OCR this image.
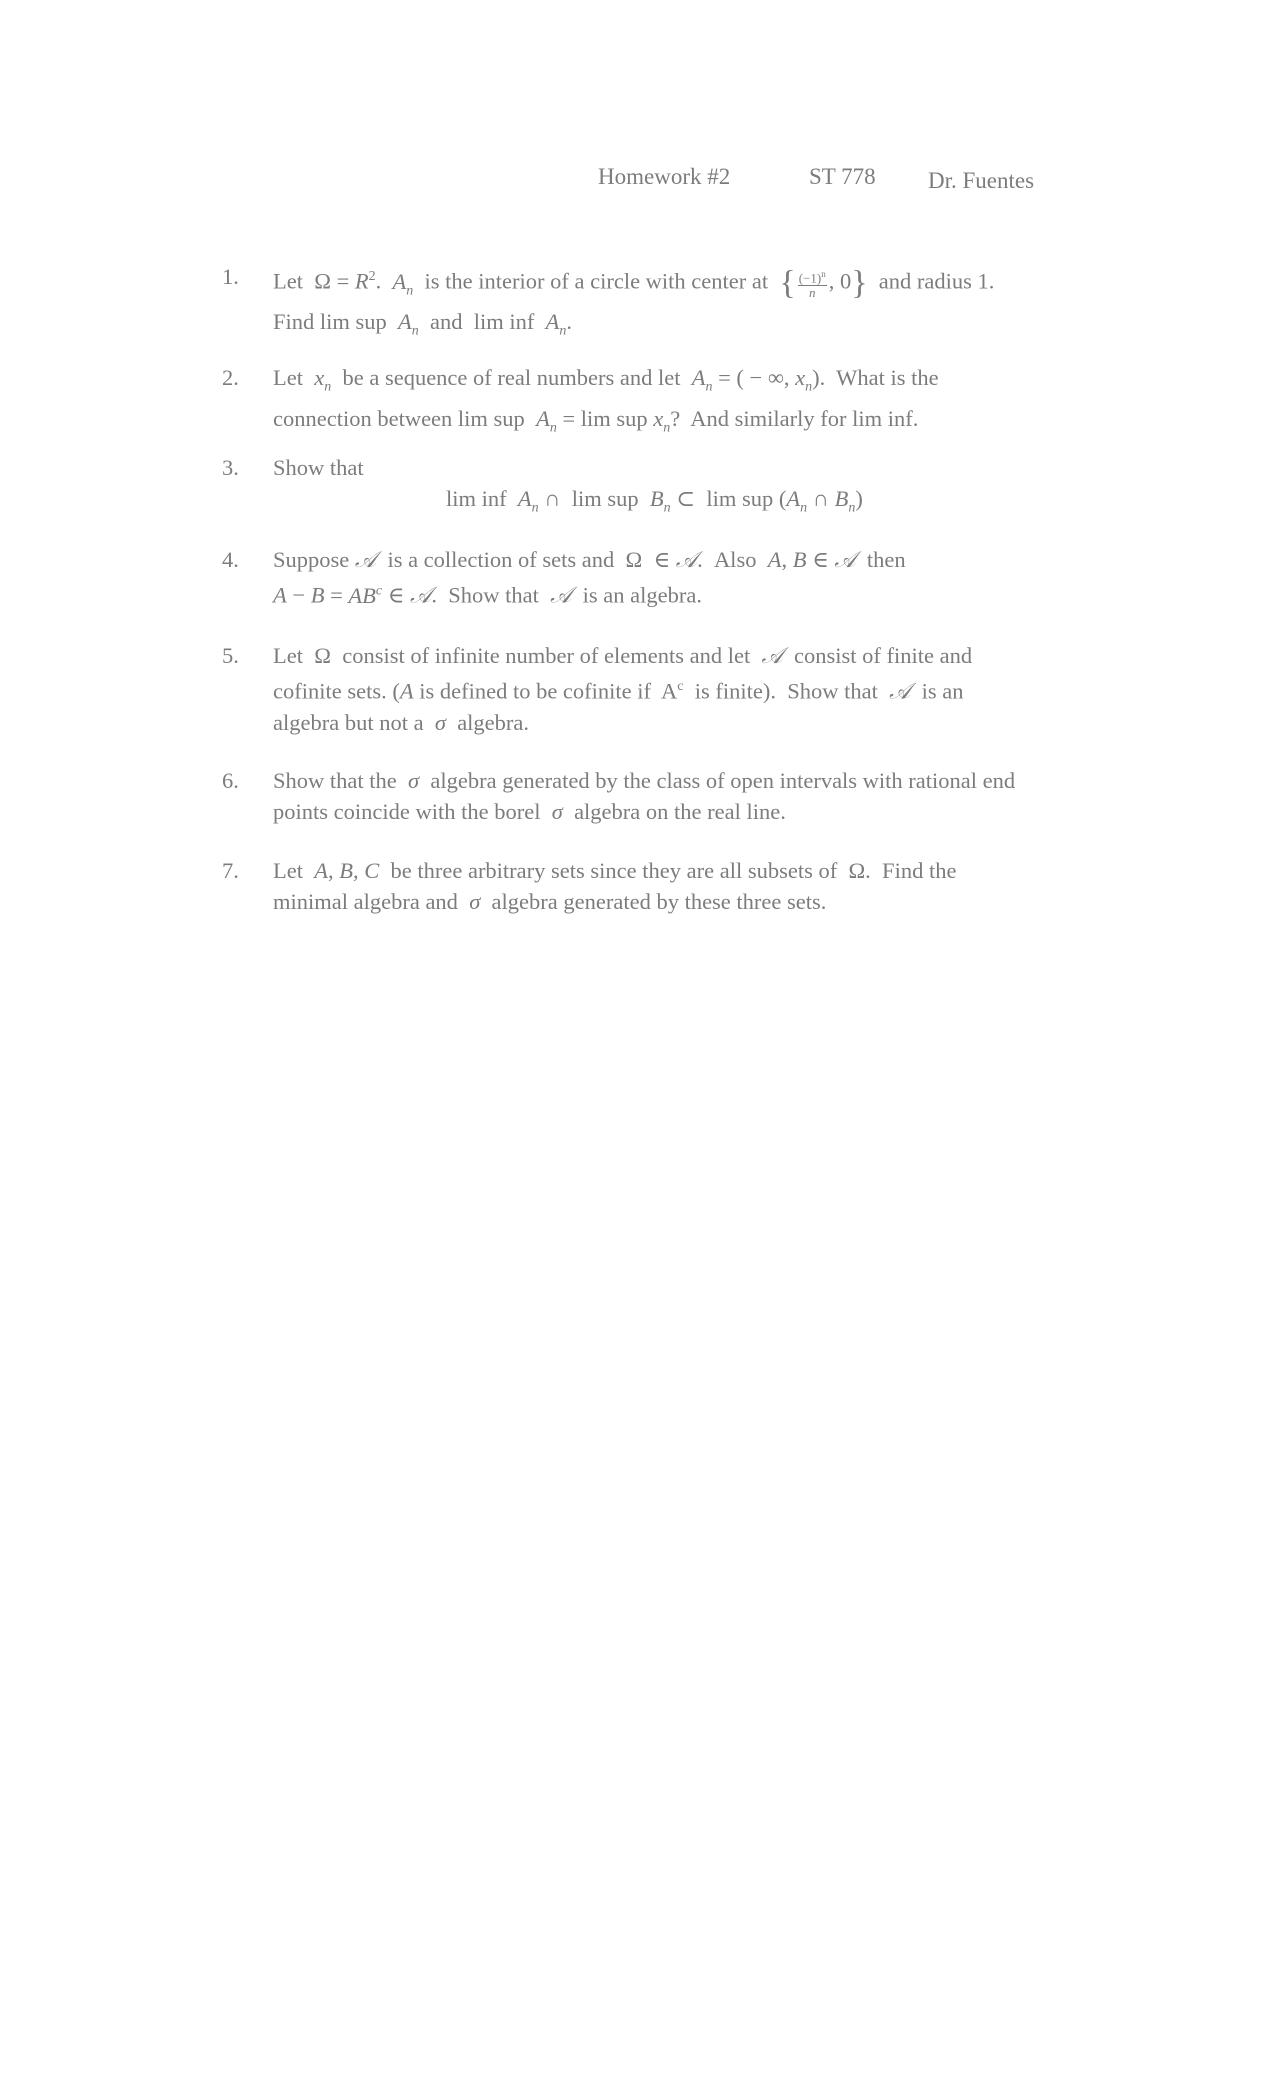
Homework #2	ST 778 Dr. Fuentes
1. Let  $\Omega = R^2$.  $A_n$  is the interior of a circle with center at  { $\frac{(-1)^n}{n}$ , 0}  and radius 1.
Find lim sup  $A_n$  and  lim inf  $A_n$.
2. Let  $x_n$  be a sequence of real numbers and let  $A_n$ = ( − ∞, $x_n$).  What is the
connection between lim sup  $A_n = \lim$ sup $x_n$?  And similarly for lim inf.
3. Show that
lim inf  $A_n$ ∩  lim sup  $B_n$ ⊂  lim sup ($A_n$ ∩ $B_n$)
4. Suppose 𝒜  is a collection of sets and  Ω  ∈ 𝒜.  Also  A, B ∈ 𝒜  then
$A - B = AB^c$ ∈ 𝒜.  Show that  𝒜  is an algebra.
5. Let  Ω  consist of infinite number of elements and let  𝒜  consist of finite and
cofinite sets. (A is defined to be cofinite if  $A^c$  is finite).  Show that  𝒜  is an
algebra but not a  σ  algebra.
6. Show that the  σ  algebra generated by the class of open intervals with rational end
points coincide with the borel  σ  algebra on the real line.
7. Let  A, B, C  be three arbitrary sets since they are all subsets of  Ω.  Find the
minimal algebra and  σ  algebra generated by these three sets.
